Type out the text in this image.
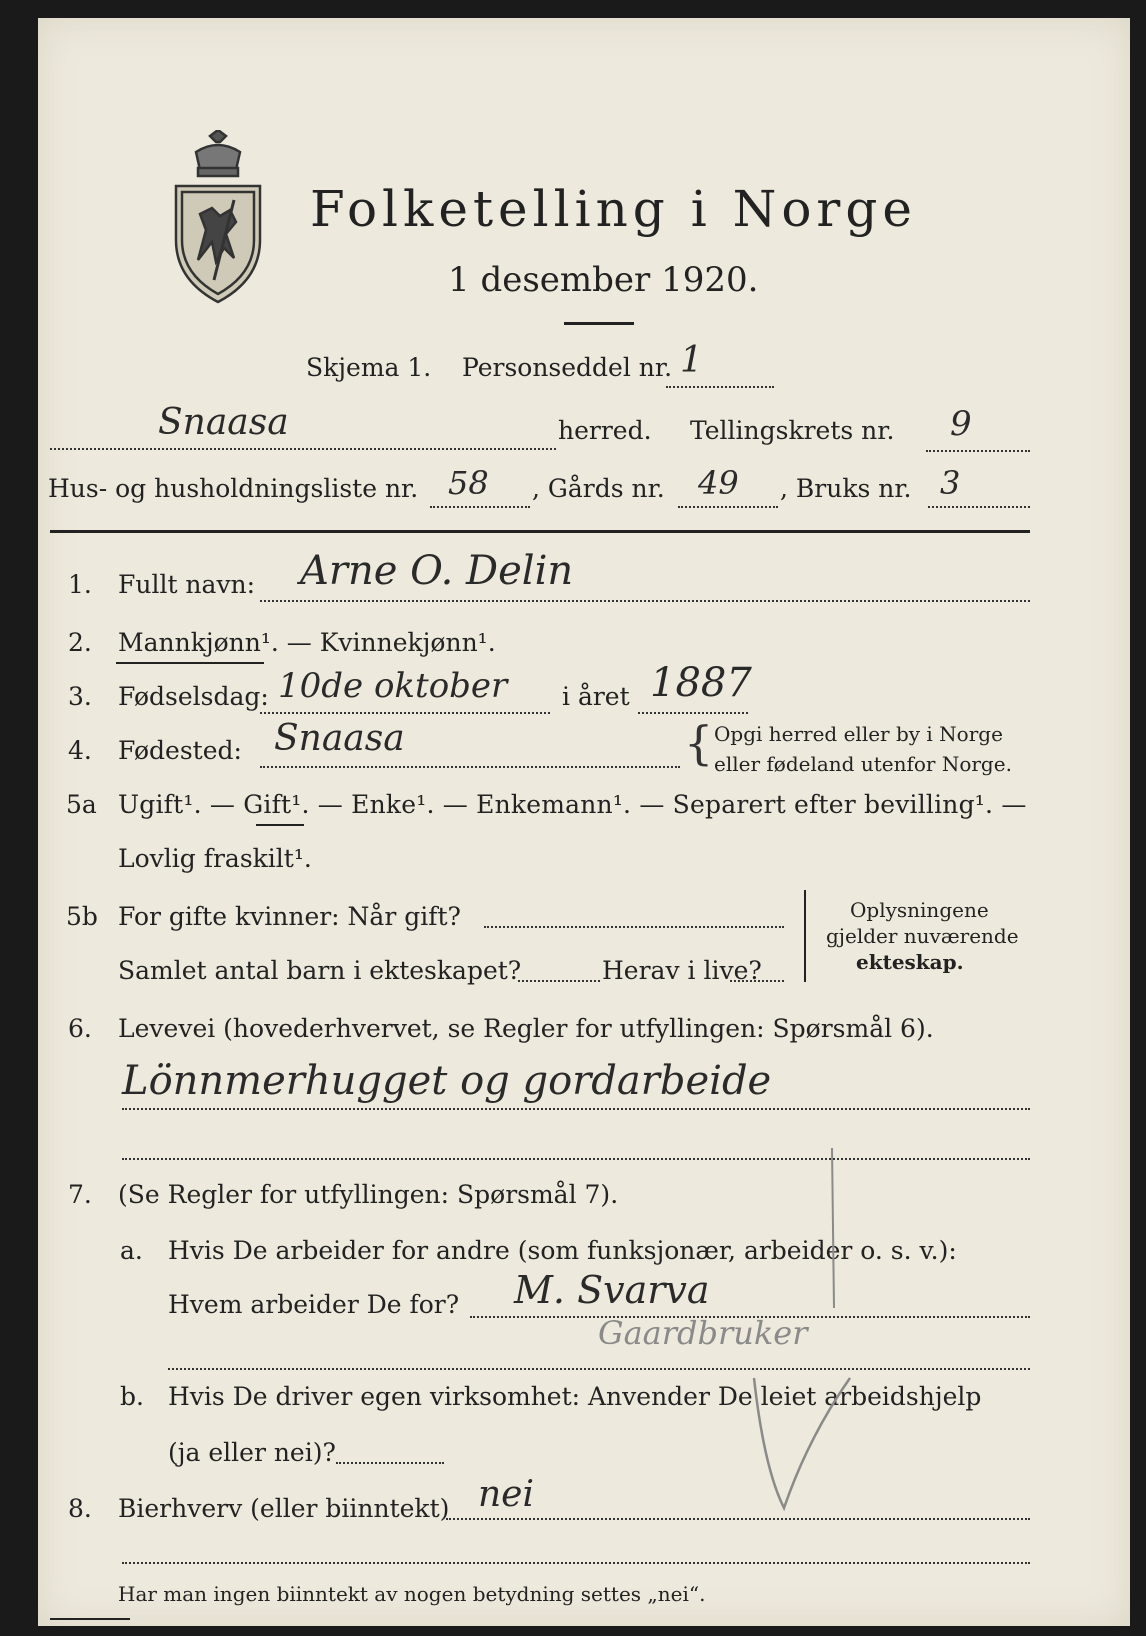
Folketelling i Norge
1 desember 1920.
Skjema 1. Personseddel nr. 1
Snaasa	herred. Tellingskrets nr. 9
Hus- og husholdningsliste nr. 58 , Gårds nr. 49 , Bruks nr. 3
1. Fullt navn: Arne O. Delin
2. Mannkjønn¹. — Kvinnekjønn¹.
3. Fødselsdag: 10de oktober i året 1887
4. Fødested: Snaasa	{ Opgi herred eller by i Norge
eller fødeland utenfor Norge.
5a Ugift¹. — Gift¹. — Enke¹. — Enkemann¹. — Separert efter bevilling¹. —
Lovlig fraskilt¹.
5b For gifte kvinner: Når gift?
Samlet antal barn i ekteskapet?	Herav i live?
Oplysningene
gjelder nuværende
ekteskap.
6. Levevei (hovederhvervet, se Regler for utfyllingen: Spørsmål 6).
Lönnmerhugget og gordarbeide
7. (Se Regler for utfyllingen: Spørsmål 7).
a. Hvis De arbeider for andre (som funksjonær, arbeider o. s. v.):
Hvem arbeider De for? M. Svarva
Gaardbruker
b. Hvis De driver egen virksomhet: Anvender De leiet arbeidshjelp
(ja eller nei)?
8. Bierhverv (eller biinntekt) nei
Har man ingen biinntekt av nogen betydning settes „nei“.
